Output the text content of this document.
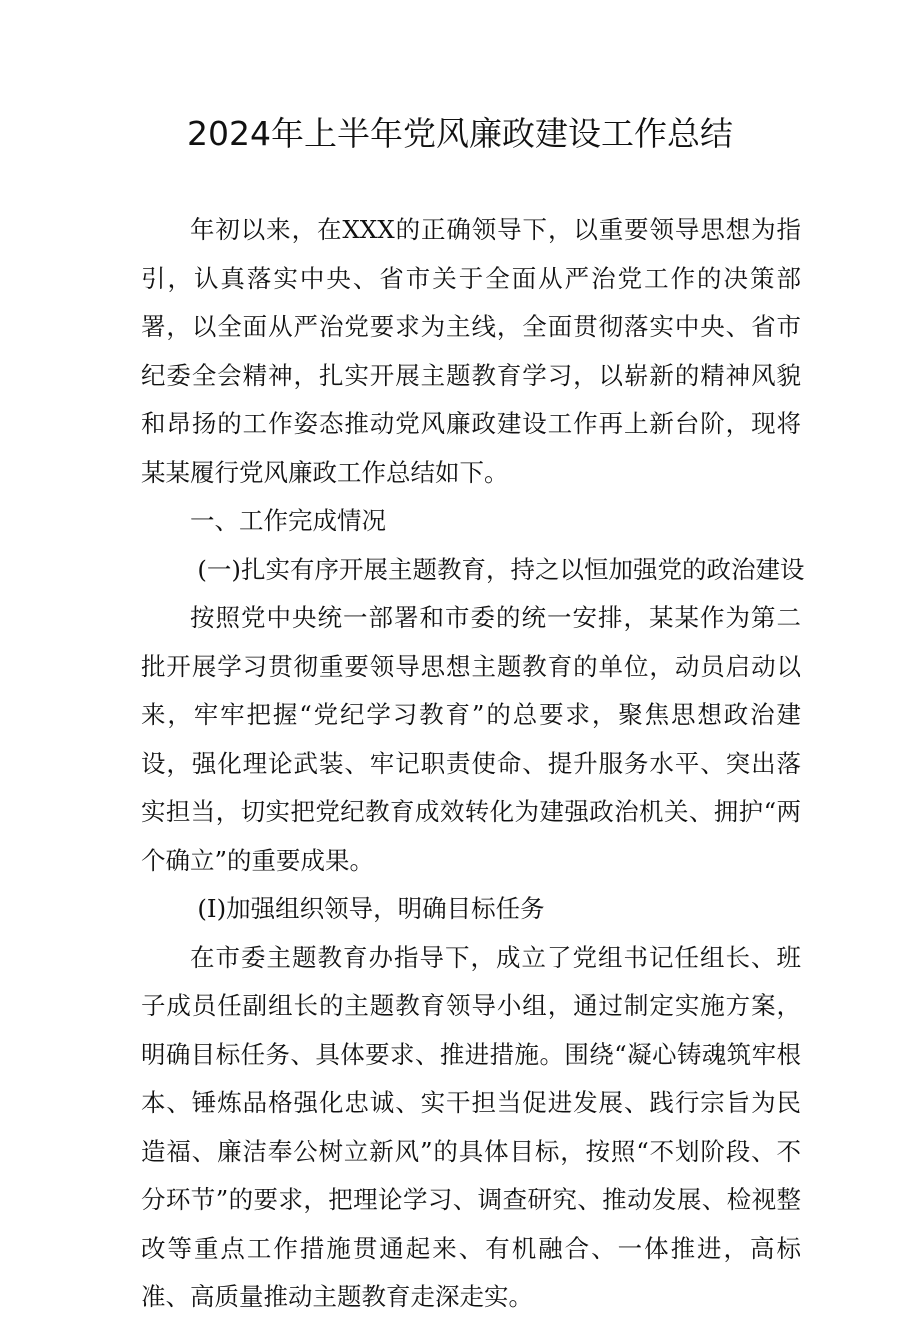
2024年上半年党风廉政建设工作总结

年初以来，在XXX的正确领导下，以重要领导思想为指引，认真落实中央、省市关于全面从严治党工作的决策部署，以全面从严治党要求为主线，全面贯彻落实中央、省市纪委全会精神，扎实开展主题教育学习，以崭新的精神风貌和昂扬的工作姿态推动党风廉政建设工作再上新台阶，现将某某履行党风廉政工作总结如下。

一、工作完成情况

(一)扎实有序开展主题教育，持之以恒加强党的政治建设

按照党中央统一部署和市委的统一安排，某某作为第二批开展学习贯彻重要领导思想主题教育的单位，动员启动以来，牢牢把握“党纪学习教育”的总要求，聚焦思想政治建设，强化理论武装、牢记职责使命、提升服务水平、突出落实担当，切实把党纪教育成效转化为建强政治机关、拥护“两个确立”的重要成果。

(I)加强组织领导，明确目标任务

在市委主题教育办指导下，成立了党组书记任组长、班子成员任副组长的主题教育领导小组，通过制定实施方案，明确目标任务、具体要求、推进措施。围绕“凝心铸魂筑牢根本、锤炼品格强化忠诚、实干担当促进发展、践行宗旨为民造福、廉洁奉公树立新风”的具体目标，按照“不划阶段、不分环节”的要求，把理论学习、调查研究、推动发展、检视整改等重点工作措施贯通起来、有机融合、一体推进，高标准、高质量推动主题教育走深走实。
